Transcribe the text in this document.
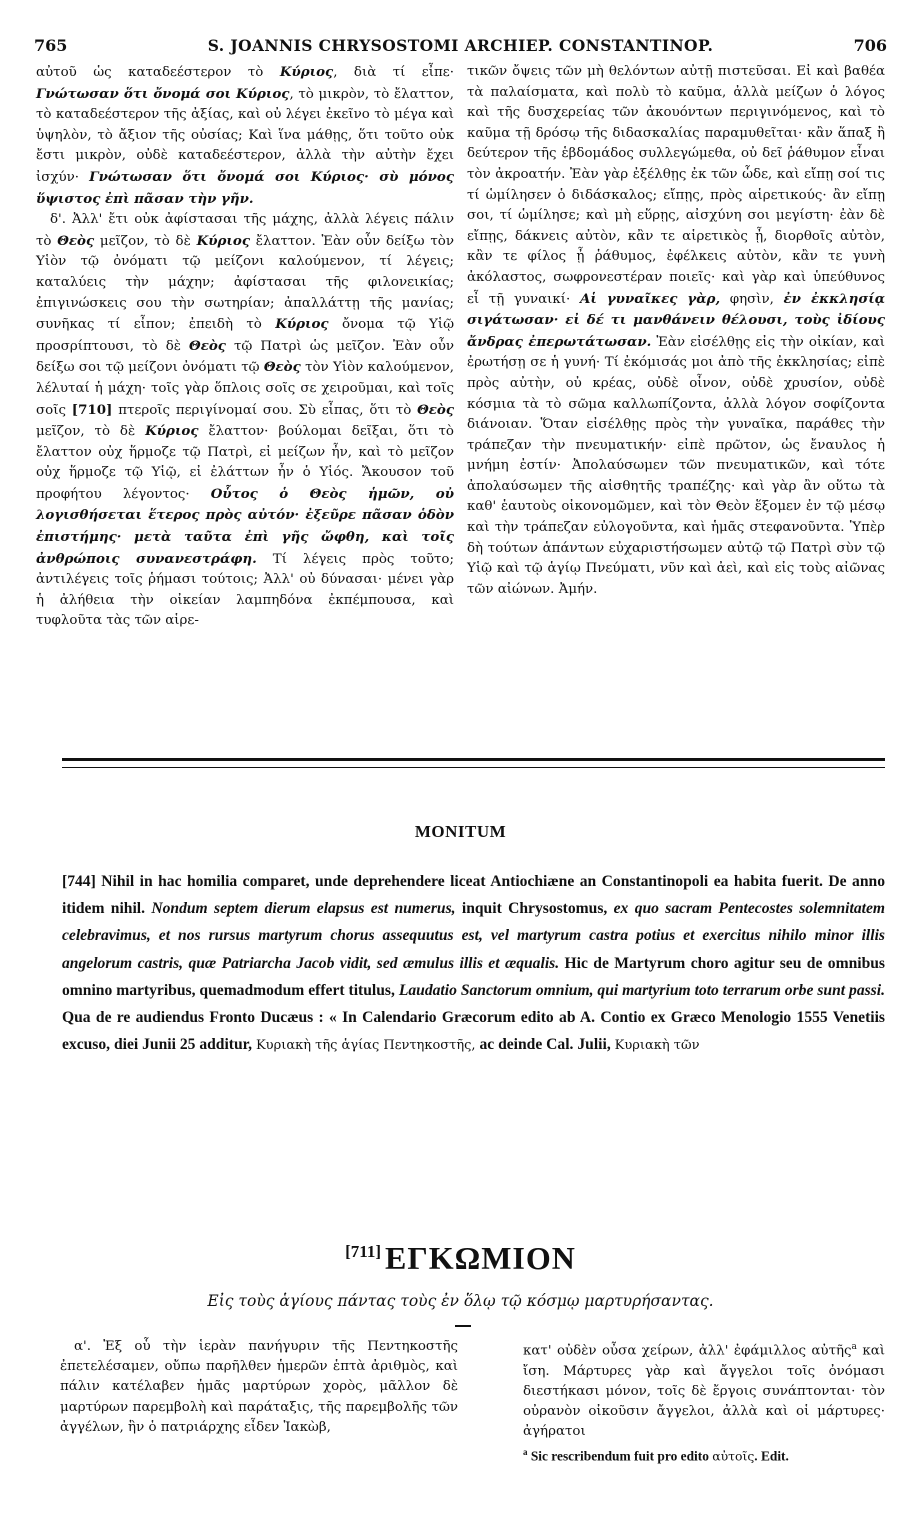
765	S. JOANNIS CHRYSOSTOMI ARCHIEP. CONSTANTINOP.	706

αὐτοῦ ὡς καταδεέστερον τὸ Κύριος, διὰ τί εἶπε· Γνώτωσαν ὅτι ὄνομά σοι Κύριος, τὸ μικρὸν, τὸ ἔλαττον, τὸ καταδεέστερον τῆς ἀξίας, καὶ οὐ λέγει ἐκεῖνο τὸ μέγα καὶ ὑψηλὸν, τὸ ἄξιον τῆς οὐσίας; Καὶ ἵνα μάθῃς, ὅτι τοῦτο οὐκ ἔστι μικρὸν, οὐδὲ καταδεέστερον, ἀλλὰ τὴν αὐτὴν ἔχει ἰσχύν· Γνώτωσαν ὅτι ὄνομά σοι Κύριος· σὺ μόνος ὕψιστος ἐπὶ πᾶσαν τὴν γῆν.

δ'. Ἀλλ' ἔτι οὐκ ἀφίστασαι τῆς μάχης, ἀλλὰ λέγεις πάλιν τὸ Θεὸς μεῖζον, τὸ δὲ Κύριος ἔλαττον. Ἐὰν οὖν δείξω τὸν Υἱὸν τῷ ὀνόματι τῷ μείζονι καλούμενον, τί λέγεις; καταλύεις τὴν μάχην; ἀφίστασαι τῆς φιλονεικίας; ἐπιγινώσκεις σου τὴν σωτηρίαν; ἀπαλλάττῃ τῆς μανίας; συνῆκας τί εἶπον; ἐπειδὴ τὸ Κύριος ὄνομα τῷ Υἱῷ προσρίπτουσι, τὸ δὲ Θεὸς τῷ Πατρὶ ὡς μεῖζον. Ἐὰν οὖν δείξω σοι τῷ μείζονι ὀνόματι τῷ Θεὸς τὸν Υἱὸν καλούμενον, λέλυταί ἡ μάχη· τοῖς γὰρ ὅπλοις σοῖς σε χειροῦμαι, καὶ τοῖς σοῖς [710] πτεροῖς περιγίνομαί σου. Σὺ εἶπας, ὅτι τὸ Θεὸς μεῖζον, τὸ δὲ Κύριος ἔλαττον· βούλομαι δεῖξαι, ὅτι τὸ ἔλαττον οὐχ ἥρμοζε τῷ Πατρὶ, εἰ μείζων ἦν, καὶ τὸ μεῖζον οὐχ ἥρμοζε τῷ Υἱῷ, εἰ ἐλάττων ἦν ὁ Υἱός. Ἄκουσον τοῦ προφήτου λέγοντος· Οὗτος ὁ Θεὸς ἡμῶν, οὐ λογισθήσεται ἕτερος πρὸς αὐτόν· ἐξεῦρε πᾶσαν ὁδὸν ἐπιστήμης· μετὰ ταῦτα ἐπὶ γῆς ὤφθη, καὶ τοῖς ἀνθρώποις συνανεστράφη. Τί λέγεις πρὸς τοῦτο; ἀντιλέγεις τοῖς ῥήμασι τούτοις; Ἀλλ' οὐ δύνασαι· μένει γὰρ ἡ ἀλήθεια τὴν οἰκείαν λαμπηδόνα ἐκπέμπουσα, καὶ τυφλοῦτα τὰς τῶν αἱρε-

τικῶν ὄψεις τῶν μὴ θελόντων αὐτῇ πιστεῦσαι. Εἰ καὶ βαθέα τὰ παλαίσματα, καὶ πολὺ τὸ καῦμα, ἀλλὰ μείζων ὁ λόγος καὶ τῆς δυσχερείας τῶν ἀκουόντων περιγινόμενος, καὶ τὸ καῦμα τῇ δρόσῳ τῆς διδασκαλίας παραμυθεῖται· κἂν ἅπαξ ἢ δεύτερον τῆς ἑβδομάδος συλλεγώμεθα, οὐ δεῖ ῥάθυμον εἶναι τὸν ἀκροατήν. Ἐὰν γὰρ ἐξέλθῃς ἐκ τῶν ὧδε, καὶ εἴπῃ σοί τις τί ὡμίλησεν ὁ διδάσκαλος; εἴπῃς, πρὸς αἱρετικούς· ἂν εἴπῃ σοι, τί ὡμίλησε; καὶ μὴ εὕρῃς, αἰσχύνη σοι μεγίστη· ἐὰν δὲ εἴπῃς, δάκνεις αὐτὸν, κἂν τε αἱρετικὸς ᾖ, διορθοῖς αὐτὸν, κἂν τε φίλος ᾖ ῥάθυμος, ἐφέλκεις αὐτὸν, κἂν τε γυνὴ ἀκόλαστος, σωφρονεστέραν ποιεῖς· καὶ γὰρ καὶ ὑπεύθυνος εἶ τῇ γυναικί· Αἱ γυναῖκες γὰρ, φησὶν, ἐν ἐκκλησίᾳ σιγάτωσαν· εἰ δέ τι μανθάνειν θέλουσι, τοὺς ἰδίους ἄνδρας ἐπερωτάτωσαν. Ἐὰν εἰσέλθῃς εἰς τὴν οἰκίαν, καὶ ἐρωτήσῃ σε ἡ γυνή· Τί ἐκόμισάς μοι ἀπὸ τῆς ἐκκλησίας; εἰπὲ πρὸς αὐτὴν, οὐ κρέας, οὐδὲ οἶνον, οὐδὲ χρυσίον, οὐδὲ κόσμια τὰ τὸ σῶμα καλλωπίζοντα, ἀλλὰ λόγον σοφίζοντα διάνοιαν. Ὅταν εἰσέλθῃς πρὸς τὴν γυναῖκα, παράθες τὴν τράπεζαν τὴν πνευματικήν· εἰπὲ πρῶτον, ὡς ἔναυλος ἡ μνήμη ἐστίν· Ἀπολαύσωμεν τῶν πνευματικῶν, καὶ τότε ἀπολαύσωμεν τῆς αἰσθητῆς τραπέζης· καὶ γὰρ ἂν οὕτω τὰ καθ' ἑαυτοὺς οἰκονομῶμεν, καὶ τὸν Θεὸν ἕξομεν ἐν τῷ μέσῳ καὶ τὴν τράπεζαν εὐλογοῦντα, καὶ ἡμᾶς στεφανοῦντα. Ὑπὲρ δὴ τούτων ἁπάντων εὐχαριστήσωμεν αὐτῷ τῷ Πατρὶ σὺν τῷ Υἱῷ καὶ τῷ ἁγίῳ Πνεύματι, νῦν καὶ ἀεὶ, καὶ εἰς τοὺς αἰῶνας τῶν αἰώνων. Ἀμήν.

MONITUM

[744] Nihil in hac homilia comparet, unde deprehendere liceat Antiochiæne an Constantinopoli ea habita fuerit. De anno itidem nihil. Nondum septem dierum elapsus est numerus, inquit Chrysostomus, ex quo sacram Pentecostes solemnitatem celebravimus, et nos rursus martyrum chorus assequutus est, vel martyrum castra potius et exercitus nihilo minor illis angelorum castris, quæ Patriarcha Jacob vidit, sed æmulus illis et æqualis. Hic de Martyrum choro agitur seu de omnibus omnino martyribus, quemadmodum effert titulus, Laudatio Sanctorum omnium, qui martyrium toto terrarum orbe sunt passi. Qua de re audiendus Fronto Ducæus : « In Calendario Græcorum edito ab A. Contio ex Græco Menologio 1555 Venetiis excuso, diei Junii 25 additur, Κυριακὴ τῆς ἁγίας Πεντηκοστῆς, ac deinde Cal. Julii, Κυριακὴ τῶν

[711] ΕΓΚΩΜΙΟΝ
Εἰς τοὺς ἁγίους πάντας τοὺς ἐν ὅλῳ τῷ κόσμῳ μαρτυρήσαντας.

α'. Ἐξ οὗ τὴν ἱερὰν πανήγυριν τῆς Πεντηκοστῆς ἐπετελέσαμεν, οὔπω παρῆλθεν ἡμερῶν ἑπτὰ ἀριθμὸς, καὶ πάλιν κατέλαβεν ἡμᾶς μαρτύρων χορὸς, μᾶλλον δὲ μαρτύρων παρεμβολὴ καὶ παράταξις, τῆς παρεμβολῆς τῶν ἀγγέλων, ἣν ὁ πατριάρχης εἶδεν Ἰακὼβ,

κατ' οὐδὲν οὖσα χείρων, ἀλλ' ἐφάμιλλος αὐτῆς$^a$ καὶ ἴση. Μάρτυρες γὰρ καὶ ἄγγελοι τοῖς ὀνόμασι διεστήκασι μόνον, τοῖς δὲ ἔργοις συνάπτονται· τὸν οὐρανὸν οἰκοῦσιν ἄγγελοι, ἀλλὰ καὶ οἱ μάρτυρες· ἀγήρατοι

$^a$ Sic rescribendum fuit pro edito αὐτοῖς. Edit.
